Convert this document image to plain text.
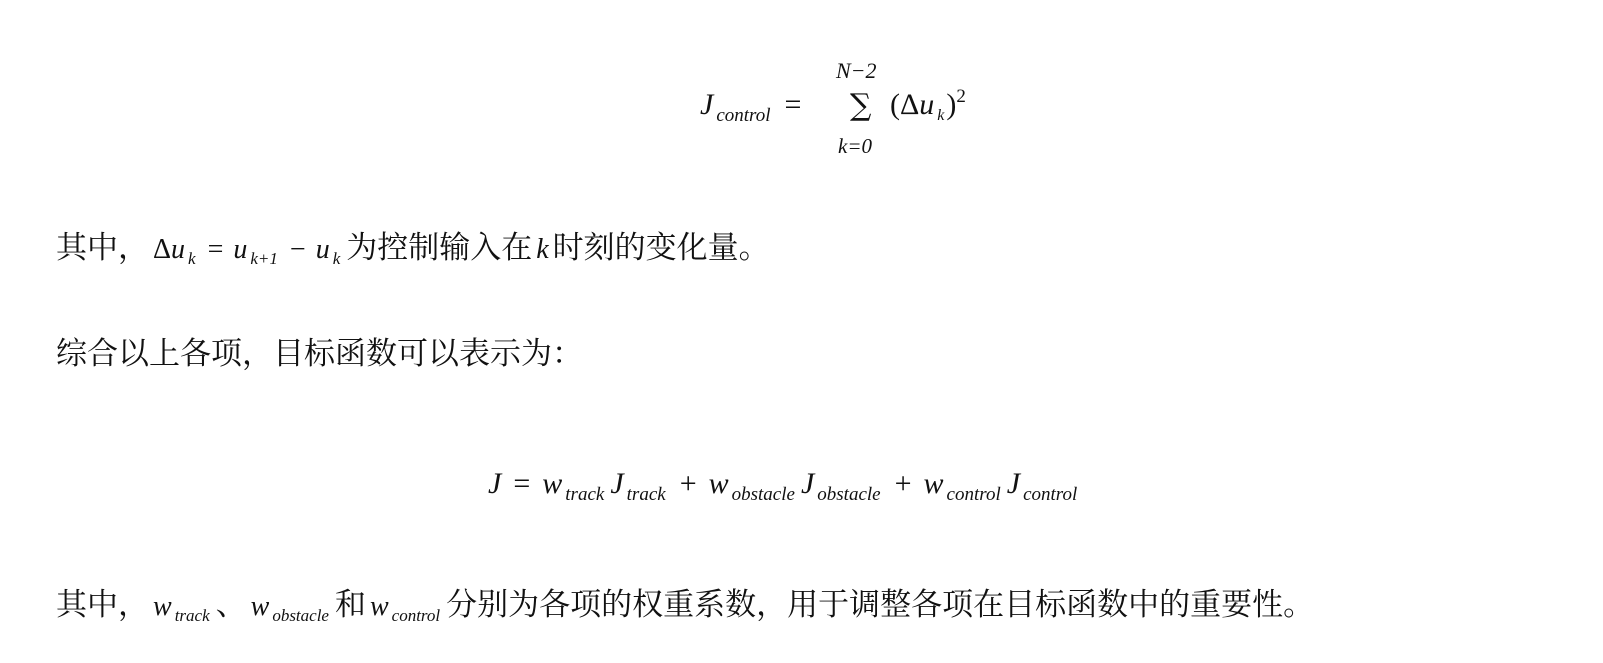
J $_{control}$ =
N−2
∑
k=0
(Δu $_k$)$^2$
其中， Δu $_k$ = u $_{k+1}$ − u $_k$ 为控制输入在 k 时刻的变化量。
综合以上各项，目标函数可以表示为：
J = w $_{track}$ J $_{track}$ + w $_{obstacle}$ J $_{obstacle}$ + w $_{control}$ J $_{control}$
其中， w $_{track}$ 、 w $_{obstacle}$ 和 w $_{control}$ 分别为各项的权重系数，用于调整各项在目标函数中的重要性。
